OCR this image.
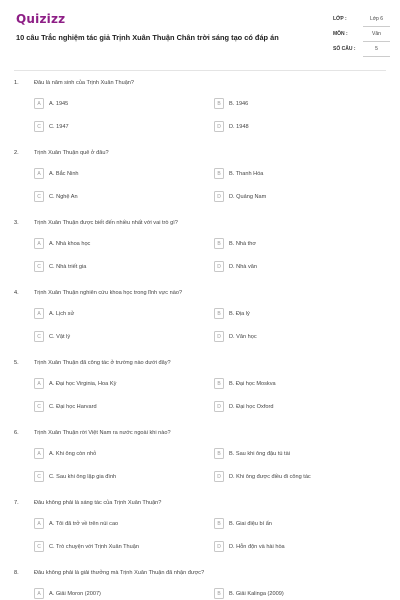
Quizizz
10 câu Trắc nghiệm tác giả Trịnh Xuân Thuận Chân trời sáng tạo có đáp án
LỚP :	Lớp 6
MÔN :	Văn
SỐ CÂU :	5
1.	Đâu là năm sinh của Trịnh Xuân Thuận?
A	A. 1945	B	B. 1946
C	C. 1947	D	D. 1948
2.	Trịnh Xuân Thuận quê ở đâu?
A	A. Bắc Ninh	B	B. Thanh Hóa
C	C. Nghệ An	D	D. Quảng Nam
3.	Trịnh Xuân Thuận được biết đến nhiều nhất với vai trò gì?
A	A. Nhà khoa học	B	B. Nhà thơ
C	C. Nhà triết gia	D	D. Nhà văn
4.	Trịnh Xuân Thuận nghiên cứu khoa học trong lĩnh vực nào?
A	A. Lịch sử	B	B. Địa lý
C	C. Vật lý	D	D. Văn học
5.	Trịnh Xuân Thuận đã công tác ở trường nào dưới đây?
A	A. Đại học Virginia, Hoa Kỳ	B	B. Đại học Moskva
C	C. Đại học Harvard	D	D. Đại học Oxford
6.	Trịnh Xuân Thuận rời Việt Nam ra nước ngoài khi nào?
A	A. Khi ông còn nhỏ	B	B. Sau khi ông đậu tú tài
C	C. Sau khi ông lập gia đình	D	D. Khi ông được điều đi công tác
7.	Đâu không phải là sáng tác của Trịnh Xuân Thuận?
A	A. Tôi đã trở về trên núi cao	B	B. Giai điệu bí ẩn
C	C. Trò chuyện với Trịnh Xuân Thuận	D	D. Hỗn độn và hài hòa
8.	Đâu không phải là giải thưởng mà Trịnh Xuân Thuận đã nhận được?
A	A. Giải Moron (2007)	B	B. Giải Kalinga (2009)
